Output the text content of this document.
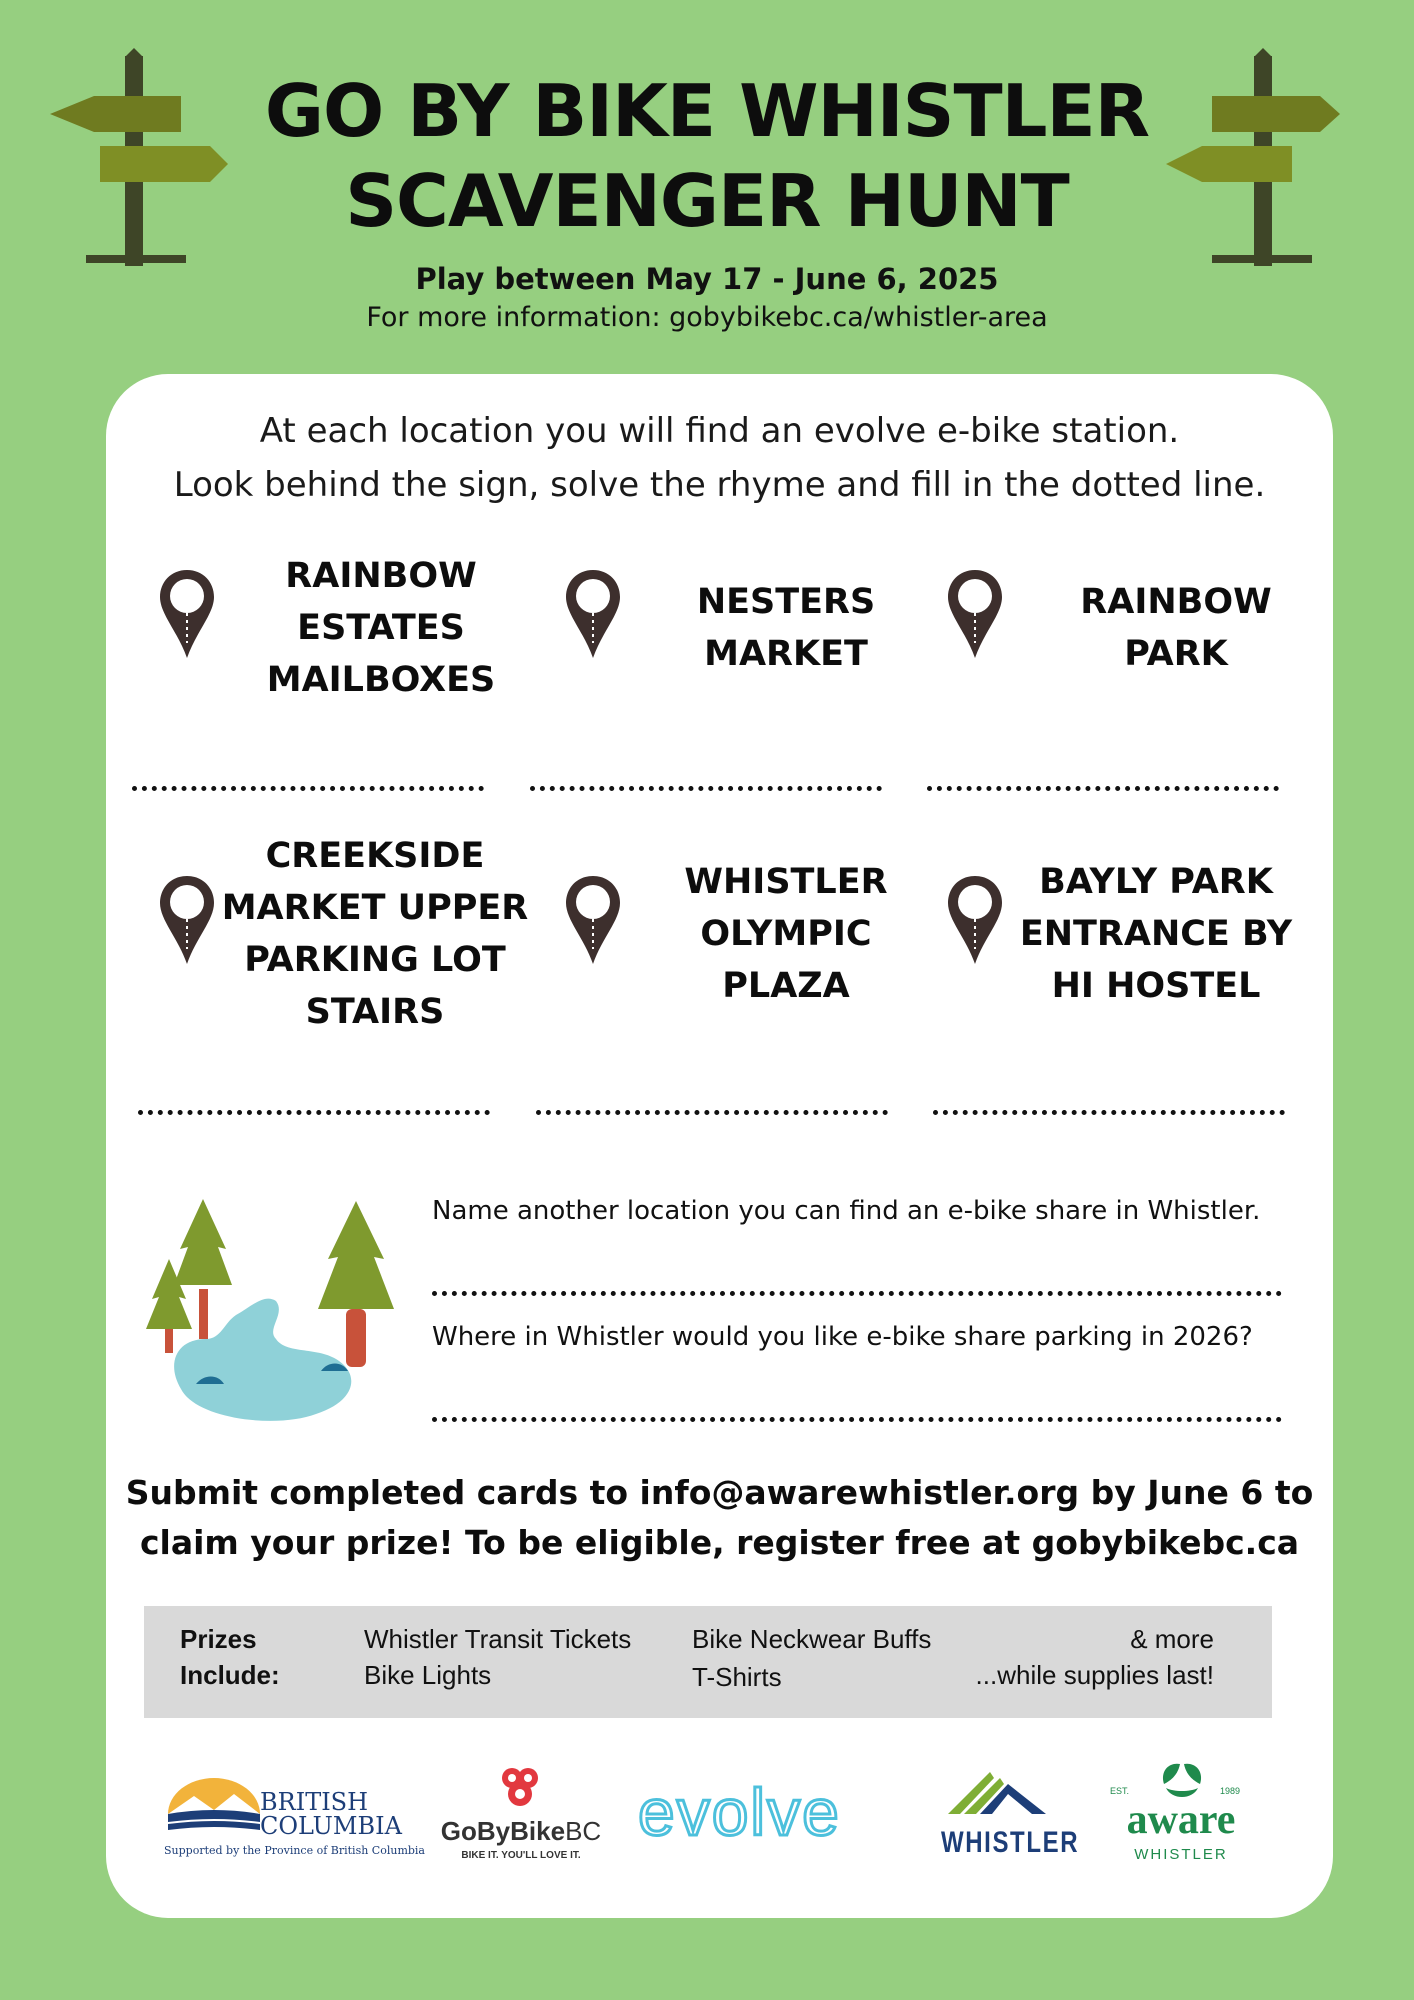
GO BY BIKE WHISTLER
SCAVENGER HUNT
Play between May 17 - June 6, 2025
For more information: gobybikebc.ca/whistler-area
At each location you will find an evolve e-bike station.
Look behind the sign, solve the rhyme and fill in the dotted line.
RAINBOW
ESTATES
MAILBOXES
NESTERS
MARKET
RAINBOW
PARK
CREEKSIDE
MARKET UPPER
PARKING LOT
STAIRS
WHISTLER
OLYMPIC
PLAZA
BAYLY PARK
ENTRANCE BY
HI HOSTEL
Name another location you can find an e-bike share in Whistler.
Where in Whistler would you like e-bike share parking in 2026?
Submit completed cards to info@awarewhistler.org by June 6 to
claim your prize! To be eligible, register free at gobybikebc.ca
Prizes
Include:
Whistler Transit Tickets
Bike Lights
Bike Neckwear Buffs
T-Shirts
& more
...while supplies last!
BRITISH
COLUMBIA
Supported by the Province of British Columbia
GoByBikeBC
BIKE IT. YOU'LL LOVE IT.
evolve	WHISTLER
EST.	1989
aware
WHISTLER
